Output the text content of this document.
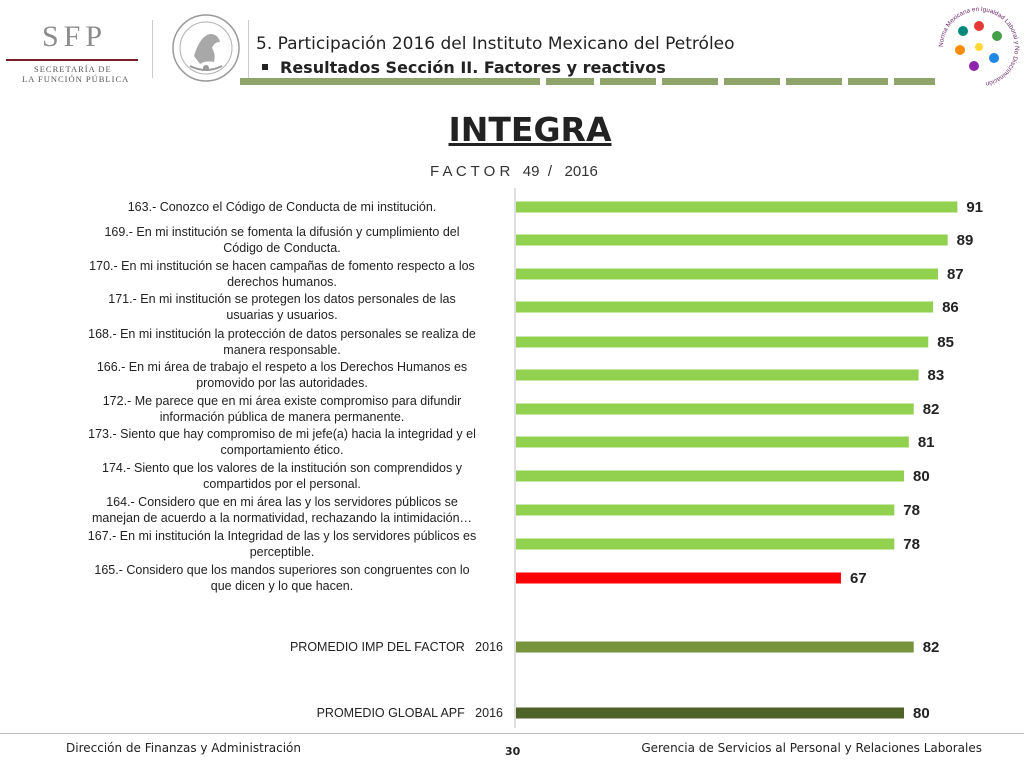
SFP
SECRETARÍA DE
LA FUNCIÓN PÚBLICA
5. Participación 2016 del Instituto Mexicano del Petróleo
Resultados Sección II. Factores y reactivos
Norma Mexicana en Igualdad Laboral y No Discriminación
INTEGRA
F A C T O R   49  /   2016
91
163.- Conozco el Código de Conducta de mi institución.
89
169.- En mi institución se fomenta la difusión y cumplimiento del
Código de Conducta.
87
170.- En mi institución se hacen campañas de fomento respecto a los
derechos humanos.
86
171.- En mi institución se protegen los datos personales de las
usuarias y usuarios.
85
168.- En mi institución la protección de datos personales se realiza de
manera responsable.
83
166.- En mi área de trabajo el respeto a los Derechos Humanos es
promovido por las autoridades.
82
172.- Me parece que en mi área existe compromiso para difundir
información pública de manera permanente.
81
173.- Siento que hay compromiso de mi jefe(a) hacia la integridad y el
comportamiento ético.
80
174.- Siento que los valores de la institución son comprendidos y
compartidos por el personal.
78
164.- Considero que en mi área las y los servidores públicos se
manejan de acuerdo a la normatividad, rechazando la intimidación…
78
167.- En mi institución la Integridad de las y los servidores públicos es
perceptible.
67
165.- Considero que los mandos superiores son congruentes con lo
que dicen y lo que hacen.
82
PROMEDIO IMP DEL FACTOR   2016
80
PROMEDIO GLOBAL APF   2016
Dirección de Finanzas y Administración	30	Gerencia de Servicios al Personal y Relaciones Laborales
